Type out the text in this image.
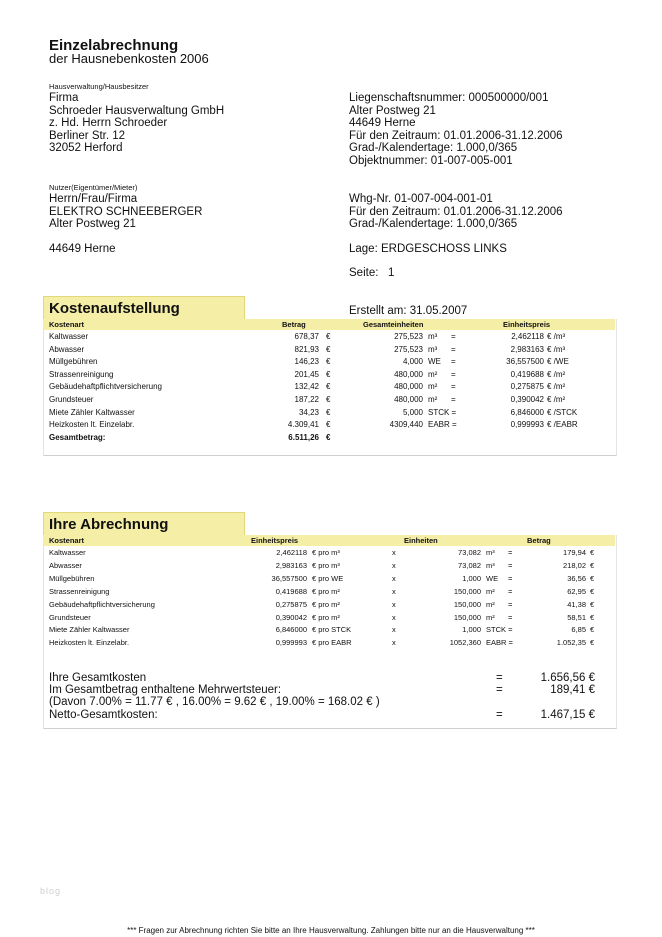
Einzelabrechnung
der Hausnebenkosten 2006
Hausverwaltung/Hausbesitzer
Firma
Schroeder Hausverwaltung GmbH
z. Hd. Herrn Schroeder
Berliner Str. 12
32052 Herford
Liegenschaftsnummer: 000500000/001
Alter Postweg 21
44649 Herne
Für den Zeitraum: 01.01.2006-31.12.2006
Grad-/Kalendertage: 1.000,0/365
Objektnummer: 01-007-005-001
Nutzer(Eigentümer/Mieter)
Herrn/Frau/Firma
ELEKTRO SCHNEEBERGER
Alter Postweg 21
44649 Herne
Whg-Nr. 01-007-004-001-01
Für den Zeitraum: 01.01.2006-31.12.2006
Grad-/Kalendertage: 1.000,0/365
Lage: ERDGESCHOSS LINKS
Seite:   1
Kostenaufstellung	Erstellt am: 31.05.2007
Kostenart	Betrag	Gesamteinheiten	Einheitspreis
Kaltwasser	678,37 €	275,523 m³ =	2,462118 € /m³
Abwasser	821,93 €	275,523 m³ =	2,983163 € /m³
Müllgebühren	146,23 €	4,000 WE =	36,557500 € /WE
Strassenreinigung	201,45 €	480,000 m² =	0,419688 € /m²
Gebäudehaftpflichtversicherung	132,42 €	480,000 m² =	0,275875 € /m²
Grundsteuer	187,22 €	480,000 m² =	0,390042 € /m²
Miete Zähler Kaltwasser	34,23 €	5,000 STCK =	6,846000 € /STCK
Heizkosten lt. Einzelabr.	4.309,41 €	4309,440 EABR =	0,999993 € /EABR
Gesamtbetrag:	6.511,26 €
Ihre Abrechnung
Kostenart	Einheitspreis	Einheiten	Betrag
Kaltwasser	2,462118 € pro m³	x	73,082 m³ =	179,94 €
Abwasser	2,983163 € pro m³	x	73,082 m³ =	218,02 €
Müllgebühren	36,557500 € pro WE	x	1,000 WE =	36,56 €
Strassenreinigung	0,419688 € pro m²	x	150,000 m² =	62,95 €
Gebäudehaftpflichtversicherung	0,275875 € pro m²	x	150,000 m² =	41,38 €
Grundsteuer	0,390042 € pro m²	x	150,000 m² =	58,51 €
Miete Zähler Kaltwasser	6,846000 € pro STCK	x	1,000 STCK =	6,85 €
Heizkosten lt. Einzelabr.	0,999993 € pro EABR	x	1052,360 EABR =	1.052,35 €
Ihre Gesamtkosten	=	1.656,56 €
Im Gesamtbetrag enthaltene Mehrwertsteuer:	=	189,41 €
(Davon 7.00% = 11.77 € , 16.00% = 9.62 € , 19.00% = 168.02 € )
Netto-Gesamtkosten:	=	1.467,15 €
blog
*** Fragen zur Abrechnung richten Sie bitte an Ihre Hausverwaltung. Zahlungen bitte nur an die Hausverwaltung ***
